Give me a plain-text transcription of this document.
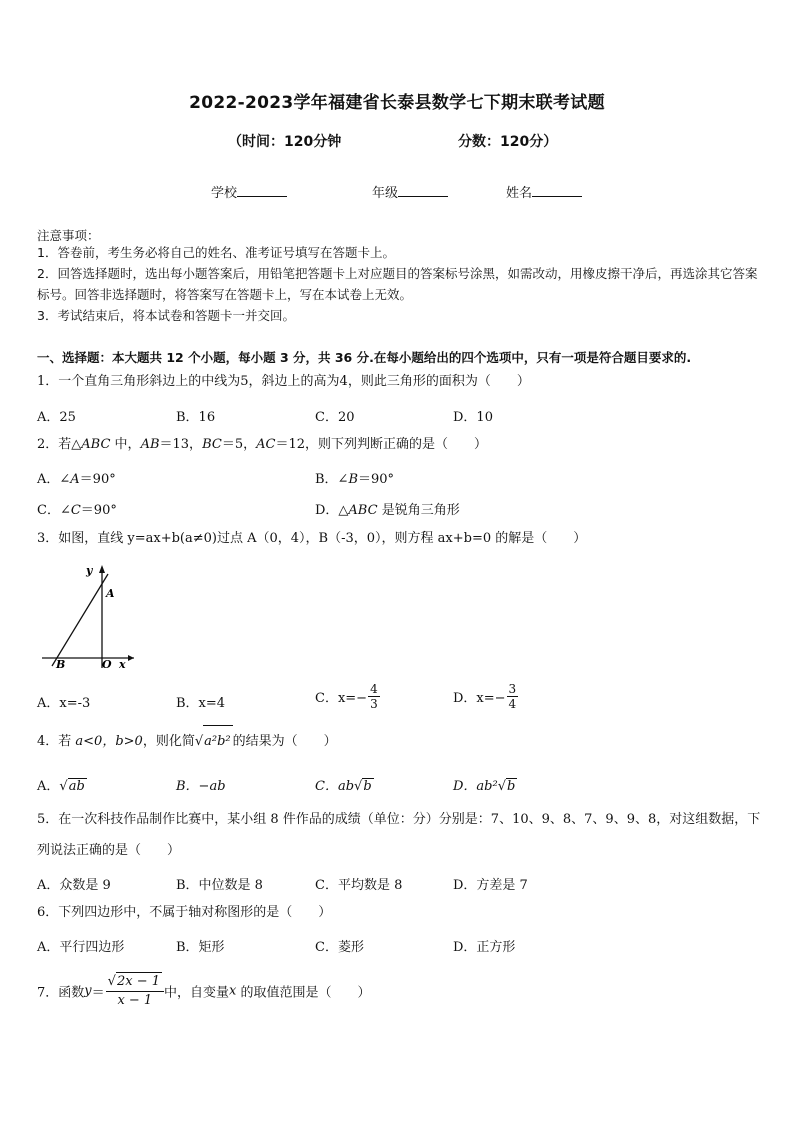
2022-2023学年福建省长泰县数学七下期末联考试题
（时间：120分钟	分数：120分）
学校	年级	姓名
注意事项：
1．答卷前，考生务必将自己的姓名、准考证号填写在答题卡上。
2．回答选择题时，选出每小题答案后，用铅笔把答题卡上对应题目的答案标号涂黑，如需改动，用橡皮擦干净后，再选涂其它答案标号。回答非选择题时，将答案写在答题卡上，写在本试卷上无效。
3．考试结束后，将本试卷和答题卡一并交回。
一、选择题：本大题共 12 个小题，每小题 3 分，共 36 分.在每小题给出的四个选项中，只有一项是符合题目要求的.
1．一个直角三角形斜边上的中线为5，斜边上的高为4，则此三角形的面积为（　　）
A．25	B．16	C．20	D．10
2．若△ABC 中，AB＝13，BC＝5，AC＝12，则下列判断正确的是（　　）
A．∠A＝90°	B．∠B＝90°
C．∠C＝90°	D．△ABC 是锐角三角形
3．如图，直线 y=ax+b(a≠0)过点 A（0，4），B（-3，0），则方程 ax+b=0 的解是（　　）
y
A
B	O x
A．x=-3	B．x=4	C．$x=- \frac{4}{3}$	D．$x=- \frac{3}{4}$
4．若 a<0，b>0，则化简√a²b² 的结果为（　　）
A．√ab	B．−ab	C．ab√b	D．ab²√b
5．在一次科技作品制作比赛中，某小组 8 件作品的成绩（单位：分）分别是：7、10、9、8、7、9、9、8，对这组数据，下列说法正确的是（　　）
A．众数是 9	B．中位数是 8	C．平均数是 8	D．方差是 7
6．下列四边形中，不属于轴对称图形的是（　　）
A．平行四边形	B．矩形	C．菱形	D．正方形
7．函数$y= \frac{√2x - 1}{x - 1}$ 中，自变量x 的取值范围是（　　）
